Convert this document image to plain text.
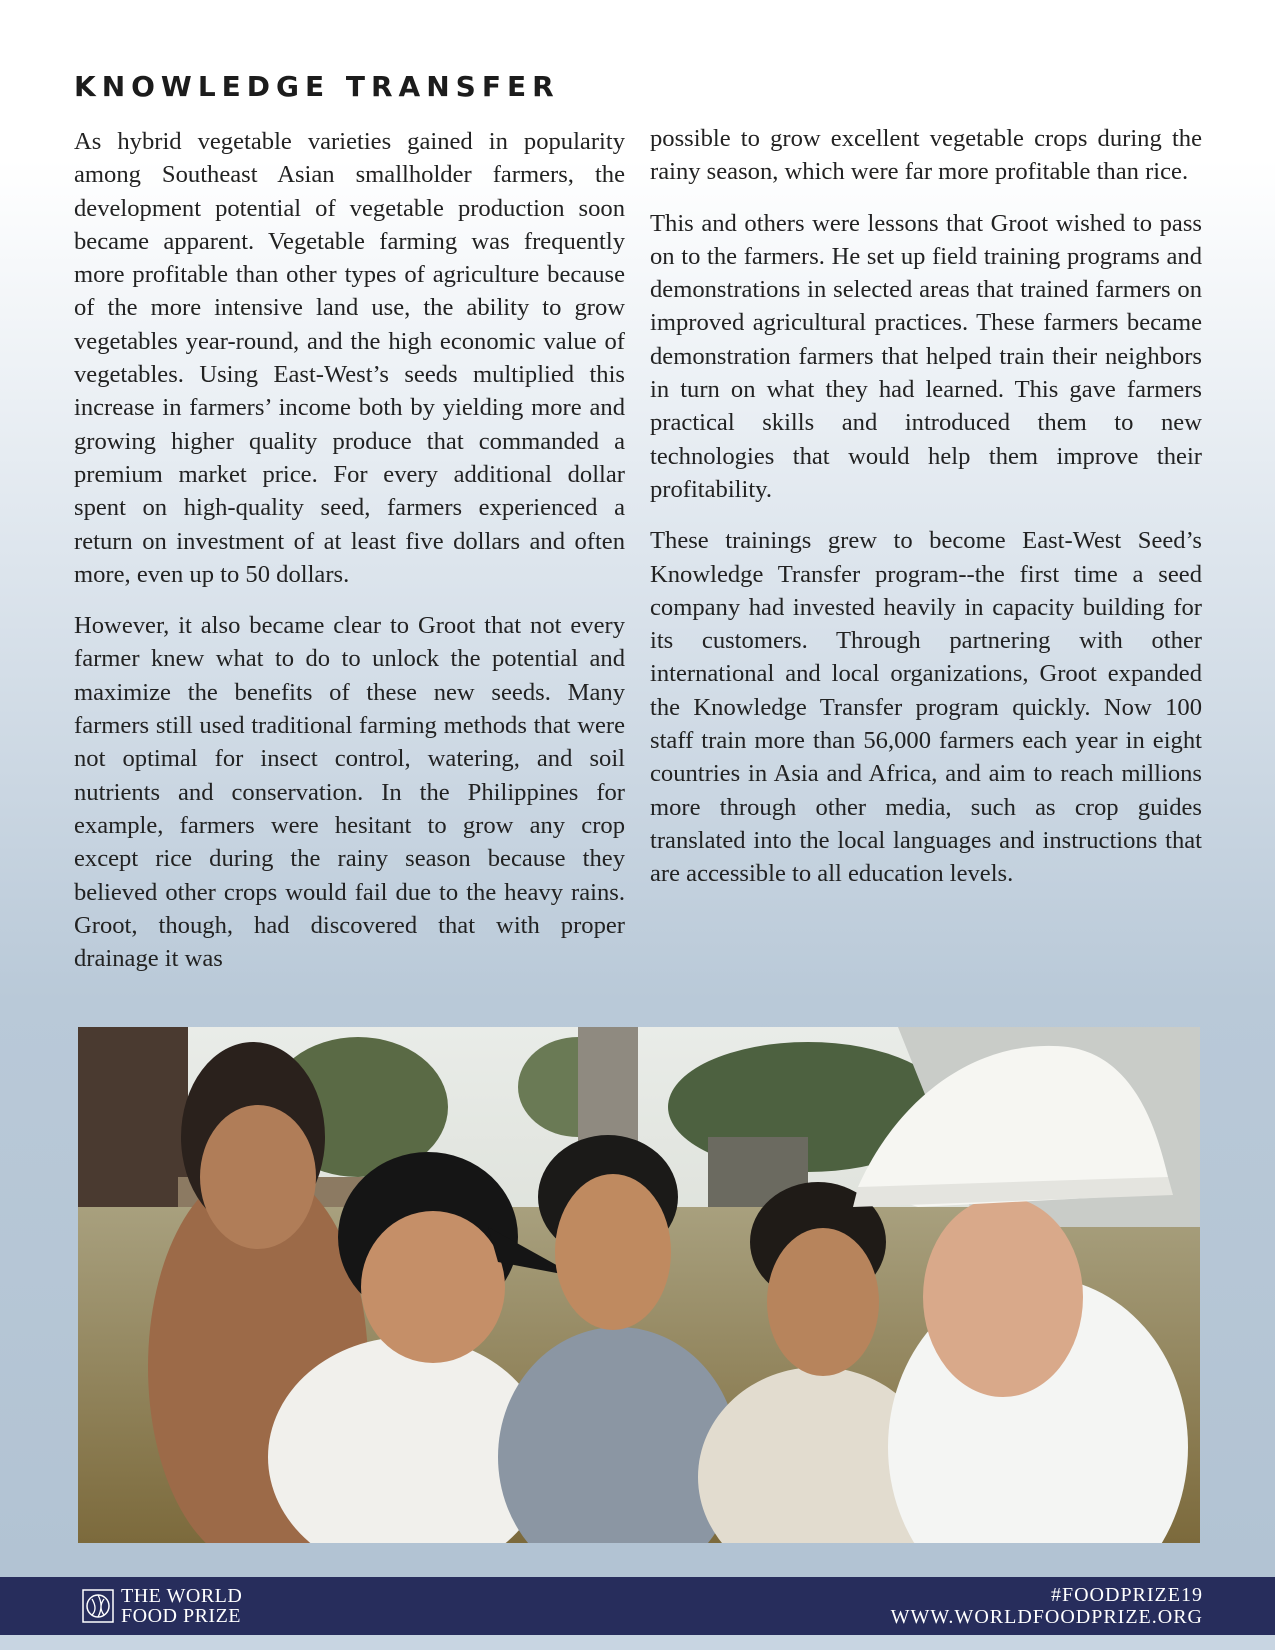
KNOWLEDGE TRANSFER

As hybrid vegetable varieties gained in popularity among Southeast Asian smallholder farmers, the development potential of vegetable production soon became apparent. Vegetable farming was frequently more profitable than other types of agriculture because of the more intensive land use, the ability to grow vegetables year-round, and the high economic value of vegetables. Using East-West’s seeds multiplied this increase in farmers’ income both by yielding more and growing higher quality produce that commanded a premium market price. For every additional dollar spent on high-quality seed, farmers experienced a return on investment of at least five dollars and often more, even up to 50 dollars.

However, it also became clear to Groot that not every farmer knew what to do to unlock the potential and maximize the benefits of these new seeds. Many farmers still used traditional farming methods that were not optimal for insect control, watering, and soil nutrients and conservation. In the Philippines for example, farmers were hesitant to grow any crop except rice during the rainy season because they believed other crops would fail due to the heavy rains. Groot, though, had discovered that with proper drainage it was

possible to grow excellent vegetable crops during the rainy season, which were far more profitable than rice.

This and others were lessons that Groot wished to pass on to the farmers. He set up field training programs and demonstrations in selected areas that trained farmers on improved agricultural practices. These farmers became demonstration farmers that helped train their neighbors in turn on what they had learned. This gave farmers practical skills and introduced them to new technologies that would help them improve their profitability.

These trainings grew to become East-West Seed’s Knowledge Transfer program--the first time a seed company had invested heavily in capacity building for its customers. Through partnering with other international and local organizations, Groot expanded the Knowledge Transfer program quickly. Now 100 staff train more than 56,000 farmers each year in eight countries in Asia and Africa, and aim to reach millions more through other media, such as crop guides translated into the local languages and instructions that are accessible to all education levels.

THE WORLD
FOOD PRIZE
#FOODPRIZE19
WWW.WORLDFOODPRIZE.ORG
